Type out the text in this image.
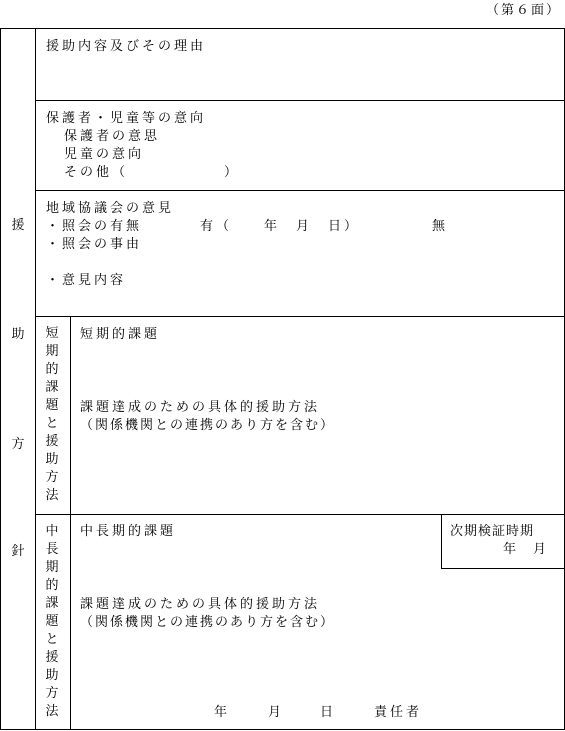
（第６面）
援
助
方
針
援助内容及びその理由
保護者・児童等の意向
保護者の意思
児童の意向
その他（　　　　　　）
地域協議会の意見
・照会の有無	有（　　年　月　日）	無
・照会の事由
・意見内容
短期的課題と援助方法
短期的課題
課題達成のための具体的援助方法
（関係機関との連携のあり方を含む）
中長期的課題と援助方法
中長期的課題	次期検証時期
年　月
課題達成のための具体的援助方法
（関係機関との連携のあり方を含む）
年	月	日	責任者
